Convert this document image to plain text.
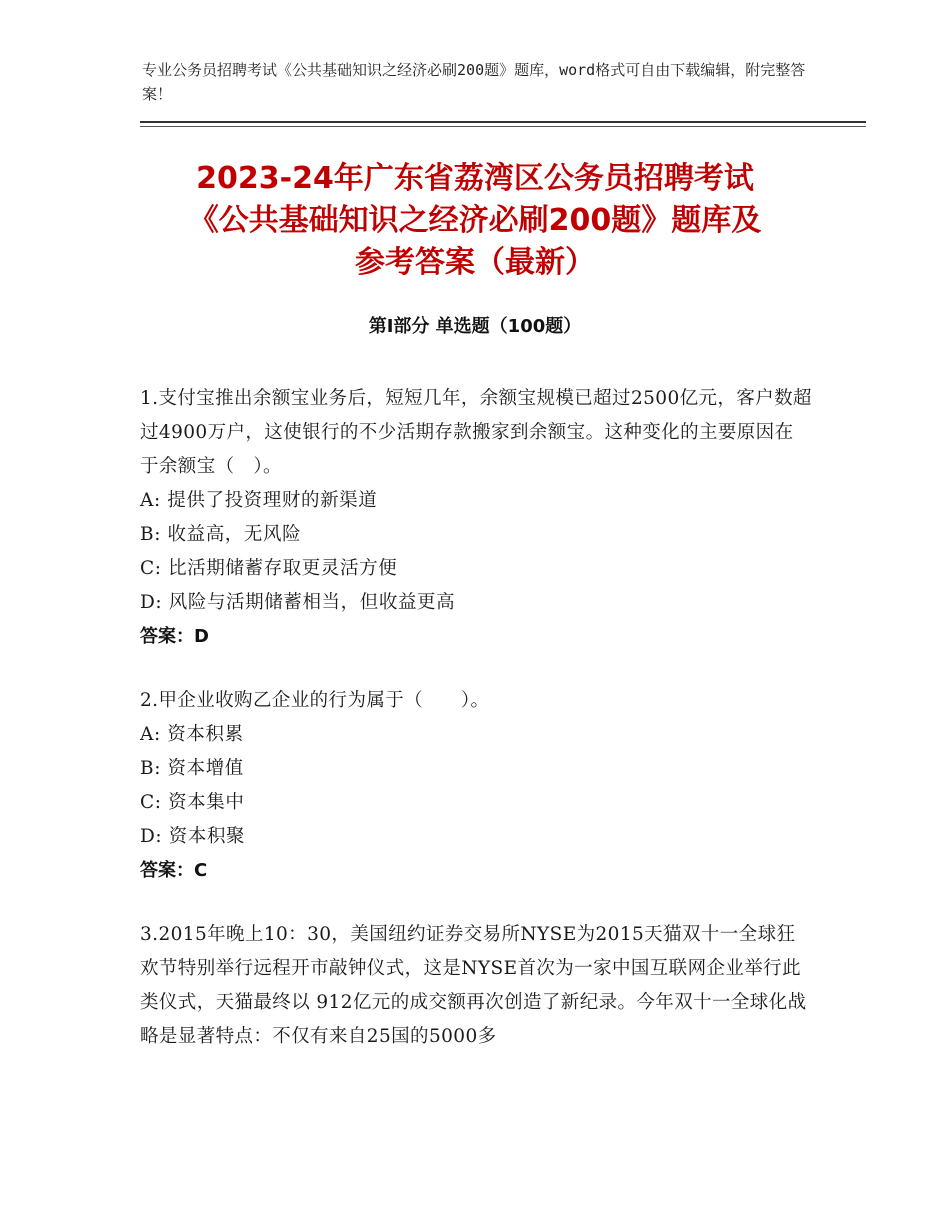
专业公务员招聘考试《公共基础知识之经济必刷200题》题库，word格式可自由下载编辑，附完整答案！
2023-24年广东省荔湾区公务员招聘考试
《公共基础知识之经济必刷200题》题库及
参考答案（最新）
第Ⅰ部分 单选题（100题）

1.支付宝推出余额宝业务后，短短几年，余额宝规模已超过2500亿元，客户数超过4900万户，这使银行的不少活期存款搬家到余额宝。这种变化的主要原因在于余额宝（　）。

A: 提供了投资理财的新渠道

B: 收益高，无风险

C: 比活期储蓄存取更灵活方便

D: 风险与活期储蓄相当，但收益更高

答案：D

2.甲企业收购乙企业的行为属于（　　）。

A: 资本积累

B: 资本增值

C: 资本集中

D: 资本积聚

答案：C

3.2015年晚上10：30，美国纽约证券交易所NYSE为2015天猫双十一全球狂欢节特别举行远程开市敲钟仪式，这是NYSE首次为一家中国互联网企业举行此类仪式，天猫最终以 912亿元的成交额再次创造了新纪录。今年双十一全球化战略是显著特点：不仅有来自25国的5000多
